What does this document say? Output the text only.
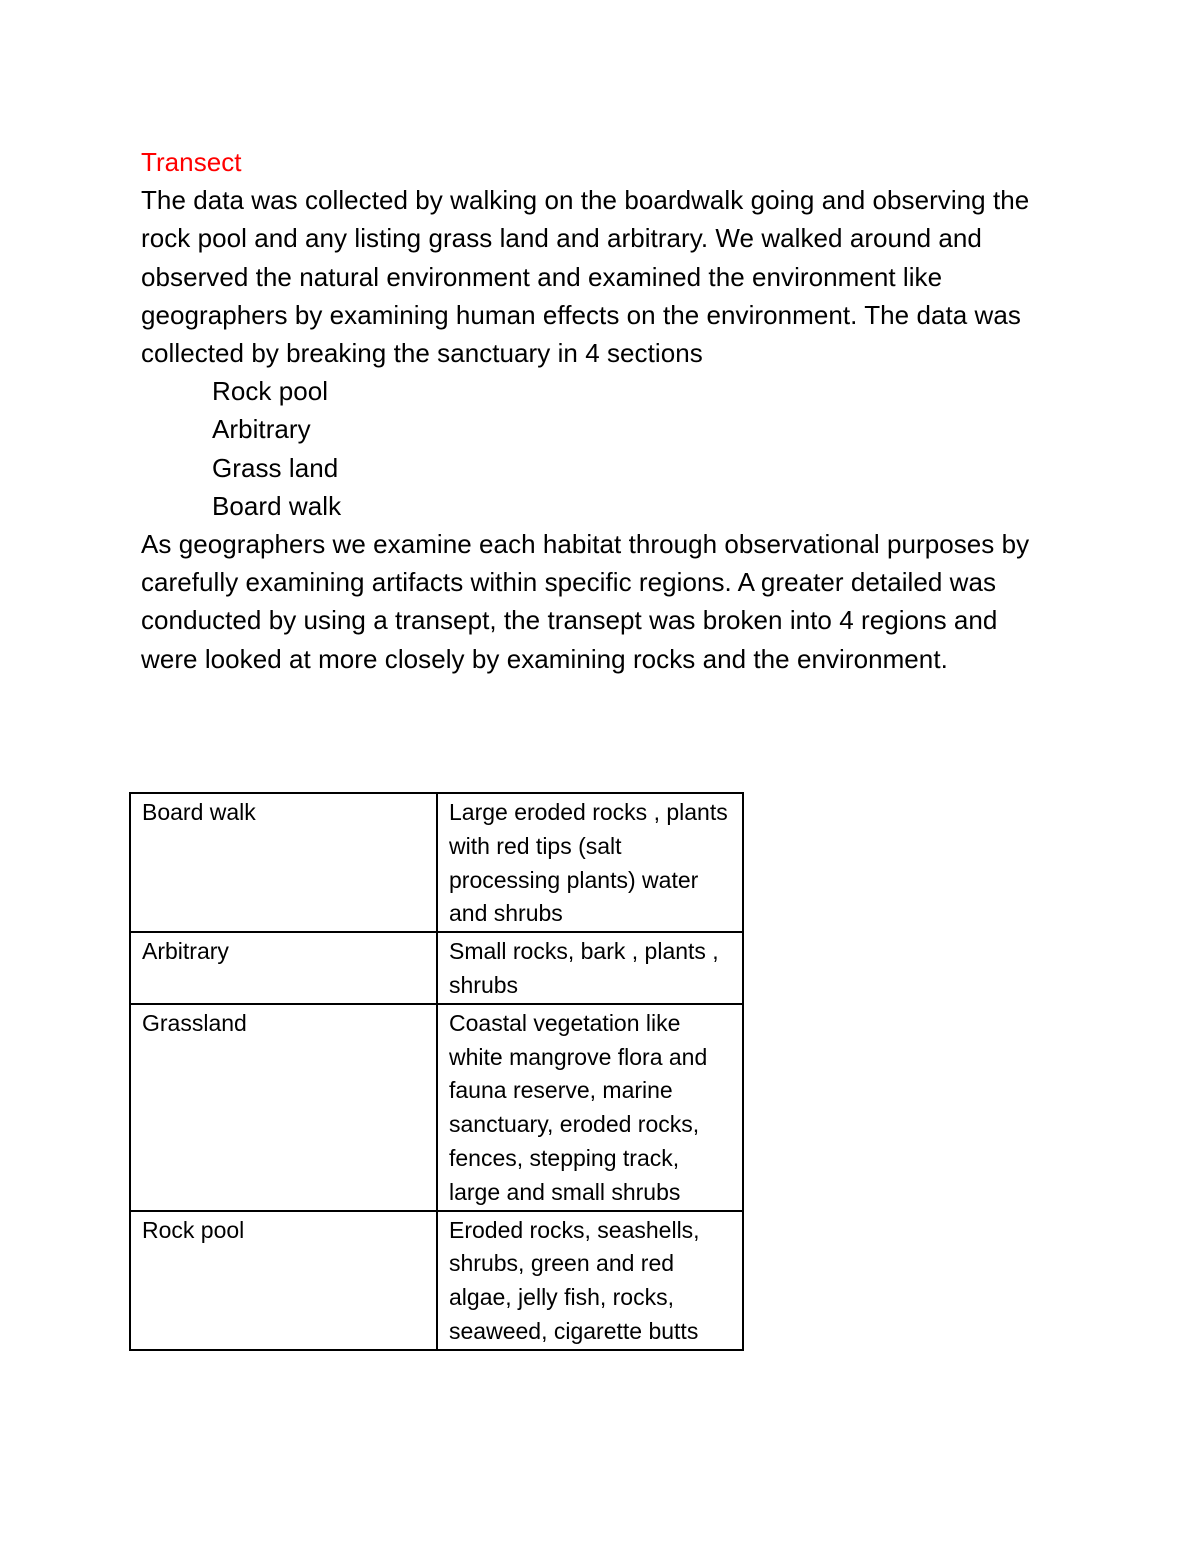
Transect

The data was collected by walking on the boardwalk going and observing the rock pool and any listing grass land and arbitrary. We walked around and observed the natural environment and examined the environment like geographers by examining human effects on the environment. The data was collected by breaking the sanctuary in 4 sections

Rock pool
Arbitrary
Grass land
Board walk

As geographers we examine each habitat through observational purposes by carefully examining artifacts within specific regions. A greater detailed was conducted by using a transept, the transept was broken into 4 regions and were looked at more closely by examining rocks and the environment.

Board walk	Large eroded rocks , plants with red tips (salt processing plants) water and shrubs
Arbitrary	Small rocks, bark , plants , shrubs
Grassland	Coastal vegetation like white mangrove flora and fauna reserve, marine sanctuary, eroded rocks, fences, stepping track, large and small shrubs
Rock pool	Eroded rocks, seashells, shrubs, green and red algae, jelly fish, rocks, seaweed, cigarette butts
